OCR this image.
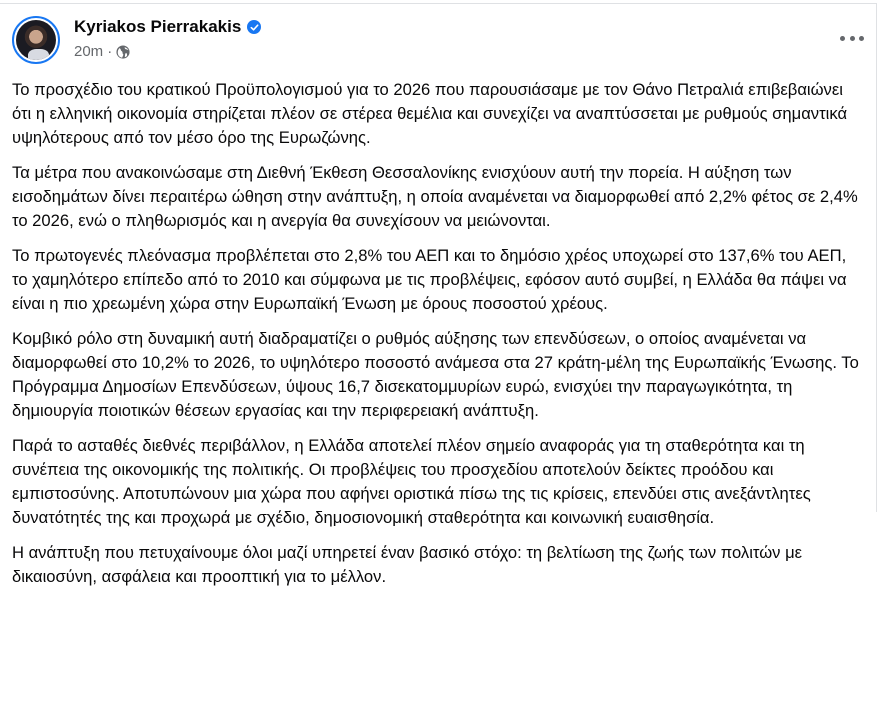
Kyriakos Pierrakakis
20m ·

Το προσχέδιο του κρατικού Προϋπολογισμού για το 2026 που παρουσιάσαμε με τον Θάνο Πετραλιά επιβεβαιώνει ότι η ελληνική οικονομία στηρίζεται πλέον σε στέρεα θεμέλια και συνεχίζει να αναπτύσσεται με ρυθμούς σημαντικά υψηλότερους από τον μέσο όρο της Ευρωζώνης.

Τα μέτρα που ανακοινώσαμε στη Διεθνή Έκθεση Θεσσαλονίκης ενισχύουν αυτή την πορεία. Η αύξηση των εισοδημάτων δίνει περαιτέρω ώθηση στην ανάπτυξη, η οποία αναμένεται να διαμορφωθεί από 2,2% φέτος σε 2,4% το 2026, ενώ ο πληθωρισμός και η ανεργία θα συνεχίσουν να μειώνονται.

Το πρωτογενές πλεόνασμα προβλέπεται στο 2,8% του ΑΕΠ και το δημόσιο χρέος υποχωρεί στο 137,6% του ΑΕΠ, το χαμηλότερο επίπεδο από το 2010 και σύμφωνα με τις προβλέψεις, εφόσον αυτό συμβεί, η Ελλάδα θα πάψει να είναι η πιο χρεωμένη χώρα στην Ευρωπαϊκή Ένωση με όρους ποσοστού χρέους.

Κομβικό ρόλο στη δυναμική αυτή διαδραματίζει ο ρυθμός αύξησης των επενδύσεων, ο οποίος αναμένεται να διαμορφωθεί στο 10,2% το 2026, το υψηλότερο ποσοστό ανάμεσα στα 27 κράτη-μέλη της Ευρωπαϊκής Ένωσης. Το Πρόγραμμα Δημοσίων Επενδύσεων, ύψους 16,7 δισεκατομμυρίων ευρώ, ενισχύει την παραγωγικότητα, τη δημιουργία ποιοτικών θέσεων εργασίας και την περιφερειακή ανάπτυξη.

Παρά το ασταθές διεθνές περιβάλλον, η Ελλάδα αποτελεί πλέον σημείο αναφοράς για τη σταθερότητα και τη συνέπεια της οικονομικής της πολιτικής. Οι προβλέψεις του προσχεδίου αποτελούν δείκτες προόδου και εμπιστοσύνης. Αποτυπώνουν μια χώρα που αφήνει οριστικά πίσω της τις κρίσεις, επενδύει στις ανεξάντλητες δυνατότητές της και προχωρά με σχέδιο, δημοσιονομική σταθερότητα και κοινωνική ευαισθησία.

Η ανάπτυξη που πετυχαίνουμε όλοι μαζί υπηρετεί έναν βασικό στόχο: τη βελτίωση της ζωής των πολιτών με δικαιοσύνη, ασφάλεια και προοπτική για το μέλλον.
